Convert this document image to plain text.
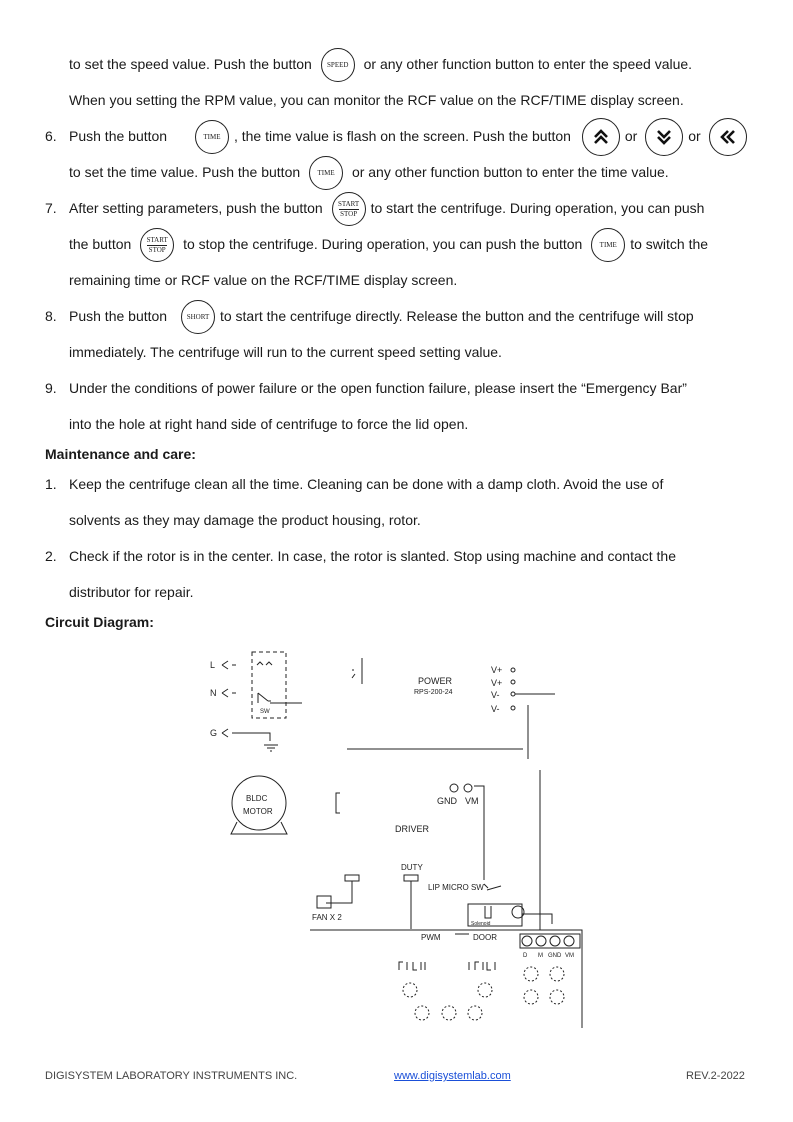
to set the speed value. Push the button SPEED or any other function button to enter the speed value.
When you setting the RPM value, you can monitor the RCF value on the RCF/TIME display screen.
6. Push the button	TIME , the time value is flash on the screen. Push the button	or	or
to set the time value. Push the button TIME or any other function button to enter the time value.
7. After setting parameters, push the button START
STOP to start the centrifuge. During operation, you can push
the button START
STOP to stop the centrifuge. During operation, you can push the button TIME to switch the
remaining time or RCF value on the RCF/TIME display screen.
8. Push the button	SHORT to start the centrifuge directly. Release the button and the centrifuge will stop
immediately. The centrifuge will run to the current speed setting value.
9. Under the conditions of power failure or the open function failure, please insert the “Emergency Bar”
into the hole at right hand side of centrifuge to force the lid open.
Maintenance and care:
1. Keep the centrifuge clean all the time. Cleaning can be done with a damp cloth. Avoid the use of
solvents as they may damage the product housing, rotor.
2. Check if the rotor is in the center. In case, the rotor is slanted. Stop using machine and contact the
distributor for repair.
Circuit Diagram:
L
N
G
SW
POWER
RPS-200-24
V+
V+
V-
V-
BLDC
MOTOR
GND VM
DRIVER
DUTY
LIP MICRO SW
FAN X 2
Solenoid
PWM	DOOR
D M GND VM
DIGISYSTEM LABORATORY INSTRUMENTS INC.	www.digisystemlab.com	REV.2-2022
